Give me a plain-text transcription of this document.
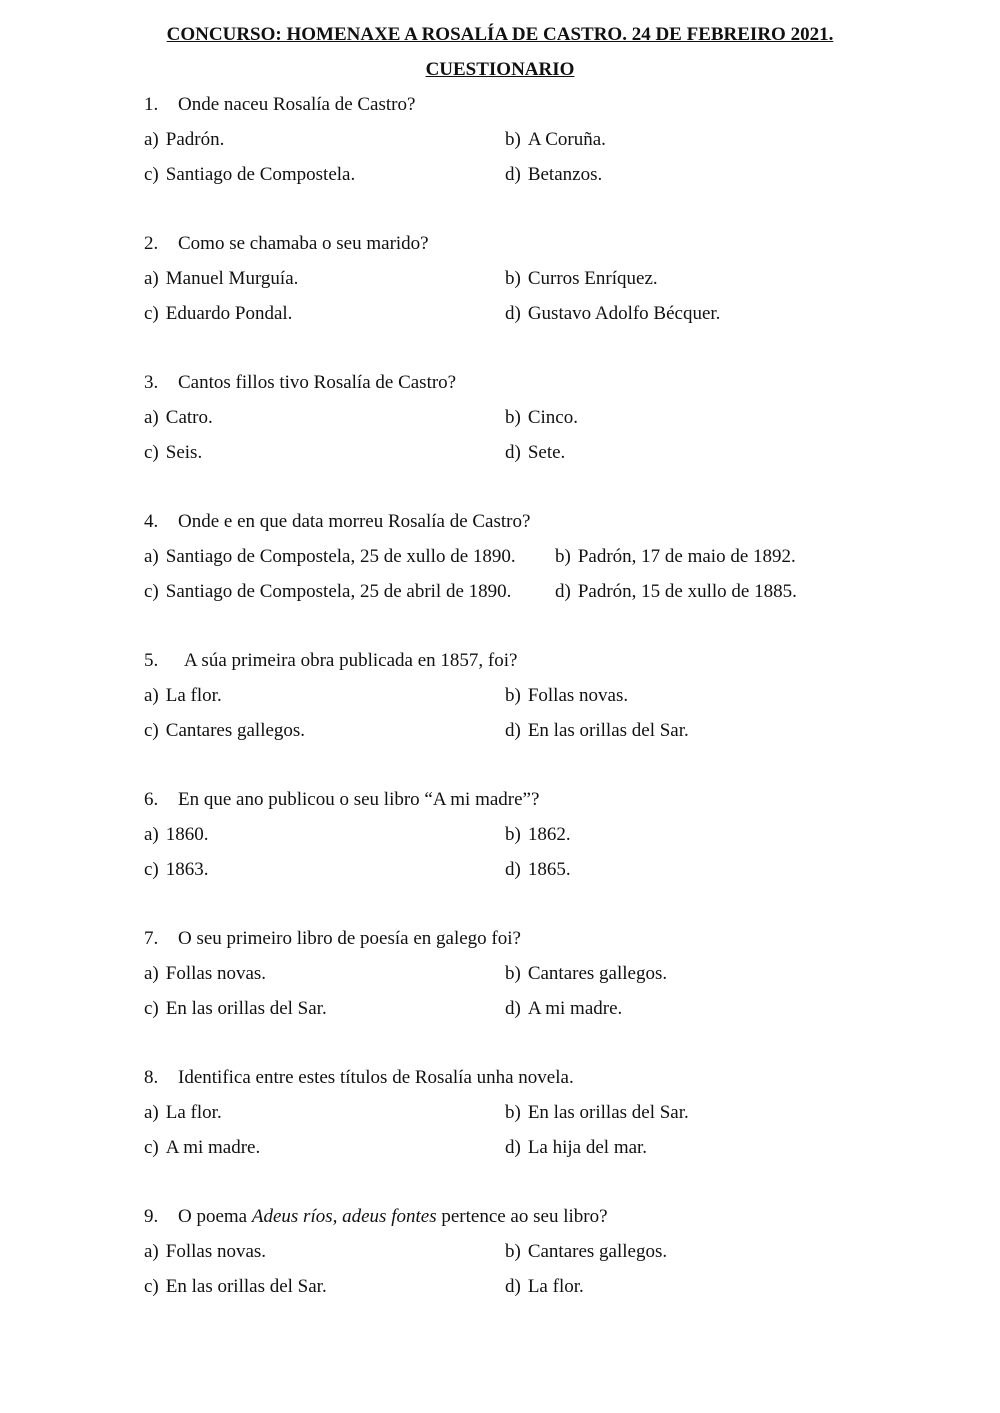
CONCURSO: HOMENAXE A ROSALÍA DE CASTRO. 24 DE FEBREIRO 2021.
CUESTIONARIO
1. Onde naceu Rosalía de Castro?
a) Padrón.	b) A Coruña.
c) Santiago de Compostela.	d) Betanzos.
2. Como se chamaba o seu marido?
a) Manuel Murguía.	b) Curros Enríquez.
c) Eduardo Pondal.	d) Gustavo Adolfo Bécquer.
3. Cantos fillos tivo Rosalía de Castro?
a) Catro.	b) Cinco.
c) Seis.	d) Sete.
4. Onde e en que data morreu Rosalía de Castro?
a) Santiago de Compostela, 25 de xullo de 1890. b) Padrón, 17 de maio de 1892.
c) Santiago de Compostela, 25 de abril de 1890. d) Padrón, 15 de xullo de 1885.
5. A súa primeira obra publicada en 1857, foi?
a) La flor.	b) Follas novas.
c) Cantares gallegos.	d) En las orillas del Sar.
6. En que ano publicou o seu libro “A mi madre”?
a) 1860.	b) 1862.
c) 1863.	d) 1865.
7. O seu primeiro libro de poesía en galego foi?
a) Follas novas.	b) Cantares gallegos.
c) En las orillas del Sar.	d) A mi madre.
8. Identifica entre estes títulos de Rosalía unha novela.
a) La flor.	b) En las orillas del Sar.
c) A mi madre.	d) La hija del mar.
9. O poema Adeus ríos, adeus fontes pertence ao seu libro?
a) Follas novas.	b) Cantares gallegos.
c) En las orillas del Sar.	d) La flor.
